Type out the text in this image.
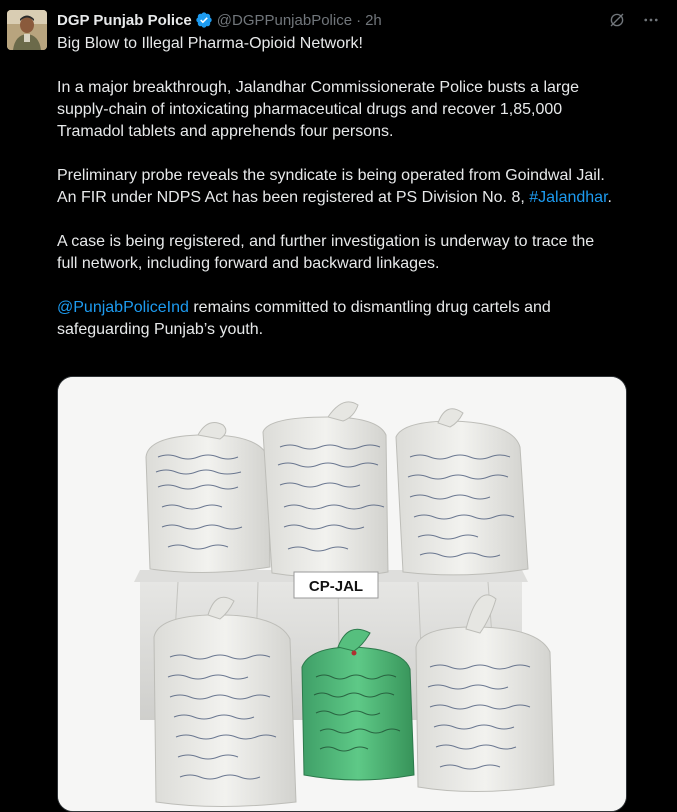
DGP Punjab Police @DGPPunjabPolice · 2h

Big Blow to Illegal Pharma-Opioid Network!

In a major breakthrough, Jalandhar Commissionerate Police busts a large supply-chain of intoxicating pharmaceutical drugs and recover 1,85,000 Tramadol tablets and apprehends four persons.

Preliminary probe reveals the syndicate is being operated from Goindwal Jail. An FIR under NDPS Act has been registered at PS Division No. 8, #Jalandhar.

A case is being registered, and further investigation is underway to trace the full network, including forward and backward linkages.

@PunjabPoliceInd remains committed to dismantling drug cartels and safeguarding Punjab’s youth.

CP-JAL
